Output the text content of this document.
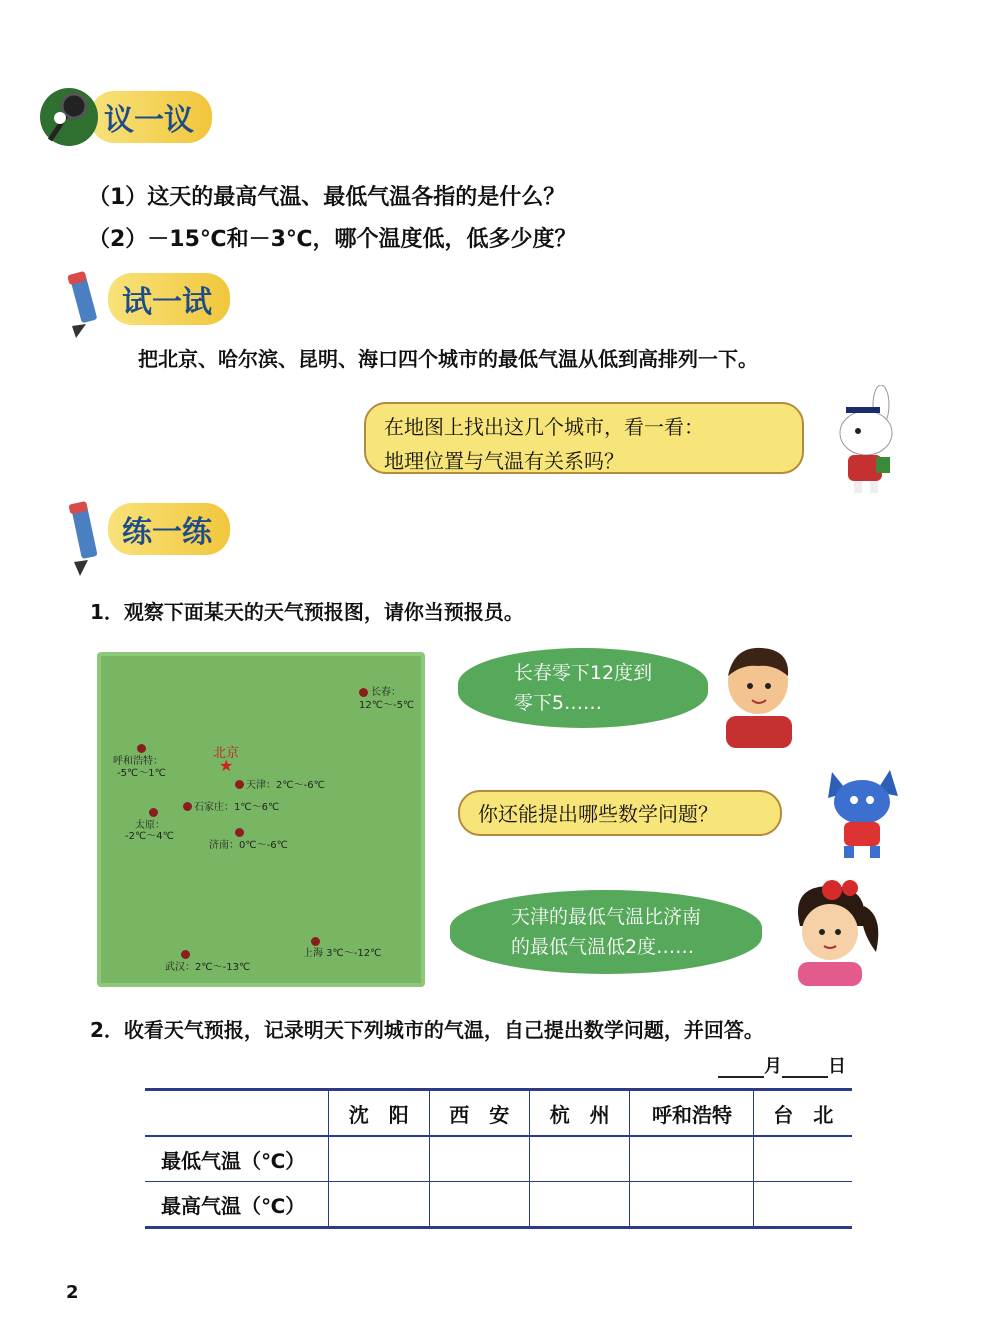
议一议
（1）这天的最高气温、最低气温各指的是什么？
（2）－15℃和－3℃，哪个温度低，低多少度？
试一试
把北京、哈尔滨、昆明、海口四个城市的最低气温从低到高排列一下。
在地图上找出这几个城市，看一看：
地理位置与气温有关系吗？
练一练
1．观察下面某天的天气预报图，请你当预报员。
长春：
12℃～-5℃
北京
★
呼和浩特：
-5℃～1℃
天津：2℃～-6℃
石家庄：1℃～6℃
太原：
-2℃～4℃
济南：0℃～-6℃
上海 3℃～-12℃
武汉：2℃～-13℃
长春零下12度到
零下5……
你还能提出哪些数学问题？
天津的最低气温比济南
的最低气温低2度……
2．收看天气预报，记录明天下列城市的气温，自己提出数学问题，并回答。
月	日
	沈　阳	西　安	杭　州	呼和浩特	台　北
最低气温（℃）					
最高气温（℃）					
2
